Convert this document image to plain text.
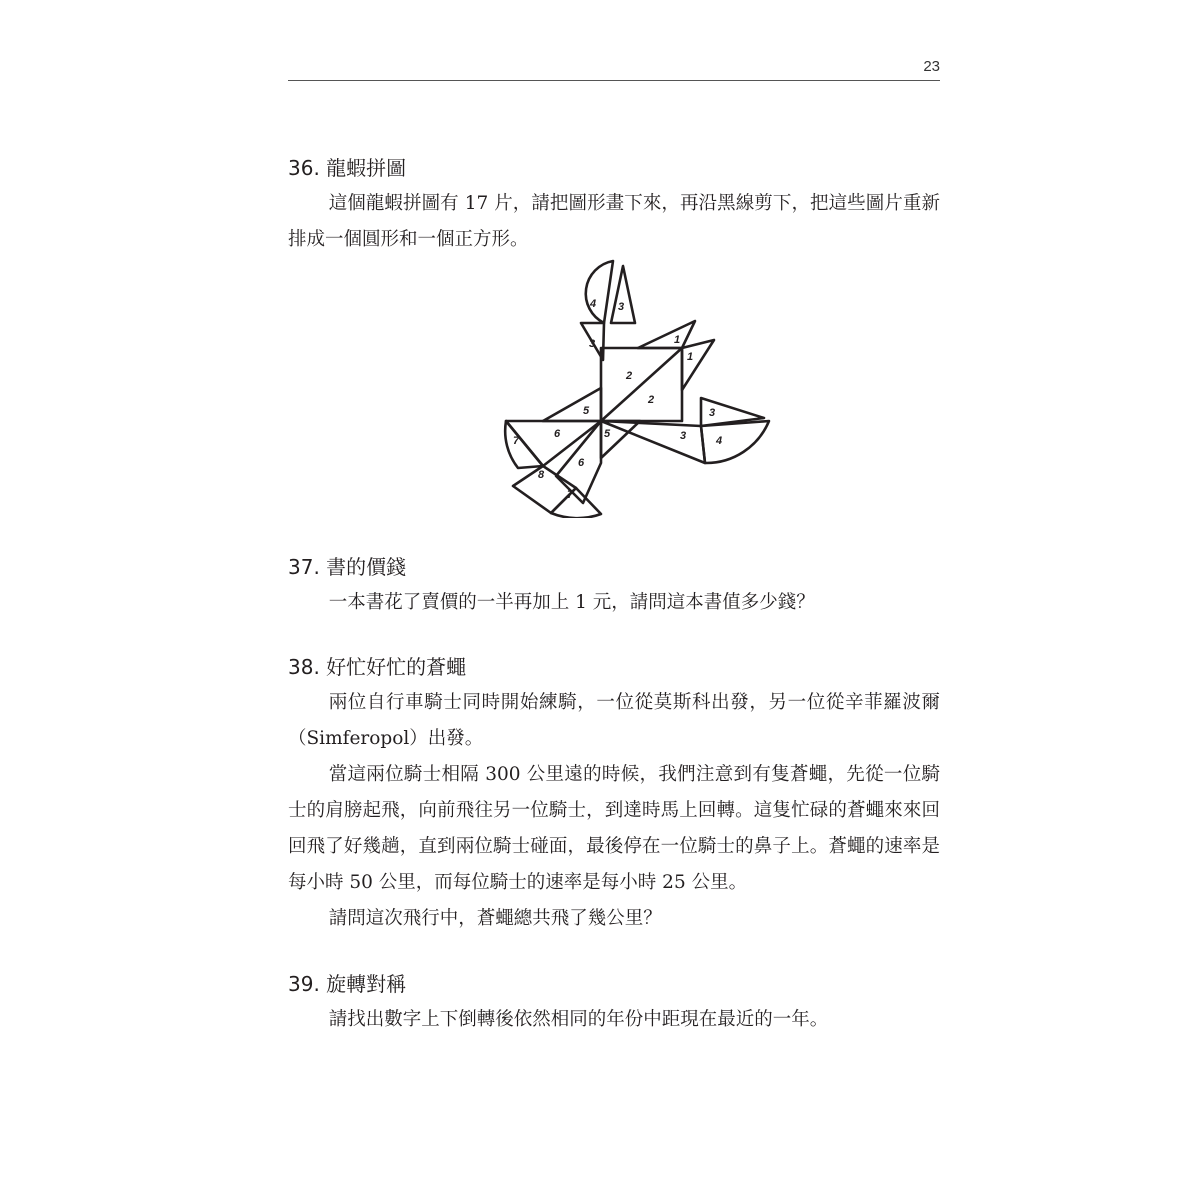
23

36. 龍蝦拼圖

這個龍蝦拼圖有 17 片，請把圖形畫下來，再沿黑線剪下，把這些圖片重新排成一個圓形和一個正方形。

4 3
3	1
1
2
2
5
5
3
3	4
7
6
6
8
7

37. 書的價錢

一本書花了賣價的一半再加上 1 元，請問這本書值多少錢？

38. 好忙好忙的蒼蠅

兩位自行車騎士同時開始練騎，一位從莫斯科出發，另一位從辛菲羅波爾（Simferopol）出發。

當這兩位騎士相隔 300 公里遠的時候，我們注意到有隻蒼蠅，先從一位騎士的肩膀起飛，向前飛往另一位騎士，到達時馬上回轉。這隻忙碌的蒼蠅來來回回飛了好幾趟，直到兩位騎士碰面，最後停在一位騎士的鼻子上。蒼蠅的速率是每小時 50 公里，而每位騎士的速率是每小時 25 公里。

請問這次飛行中，蒼蠅總共飛了幾公里？

39. 旋轉對稱

請找出數字上下倒轉後依然相同的年份中距現在最近的一年。
